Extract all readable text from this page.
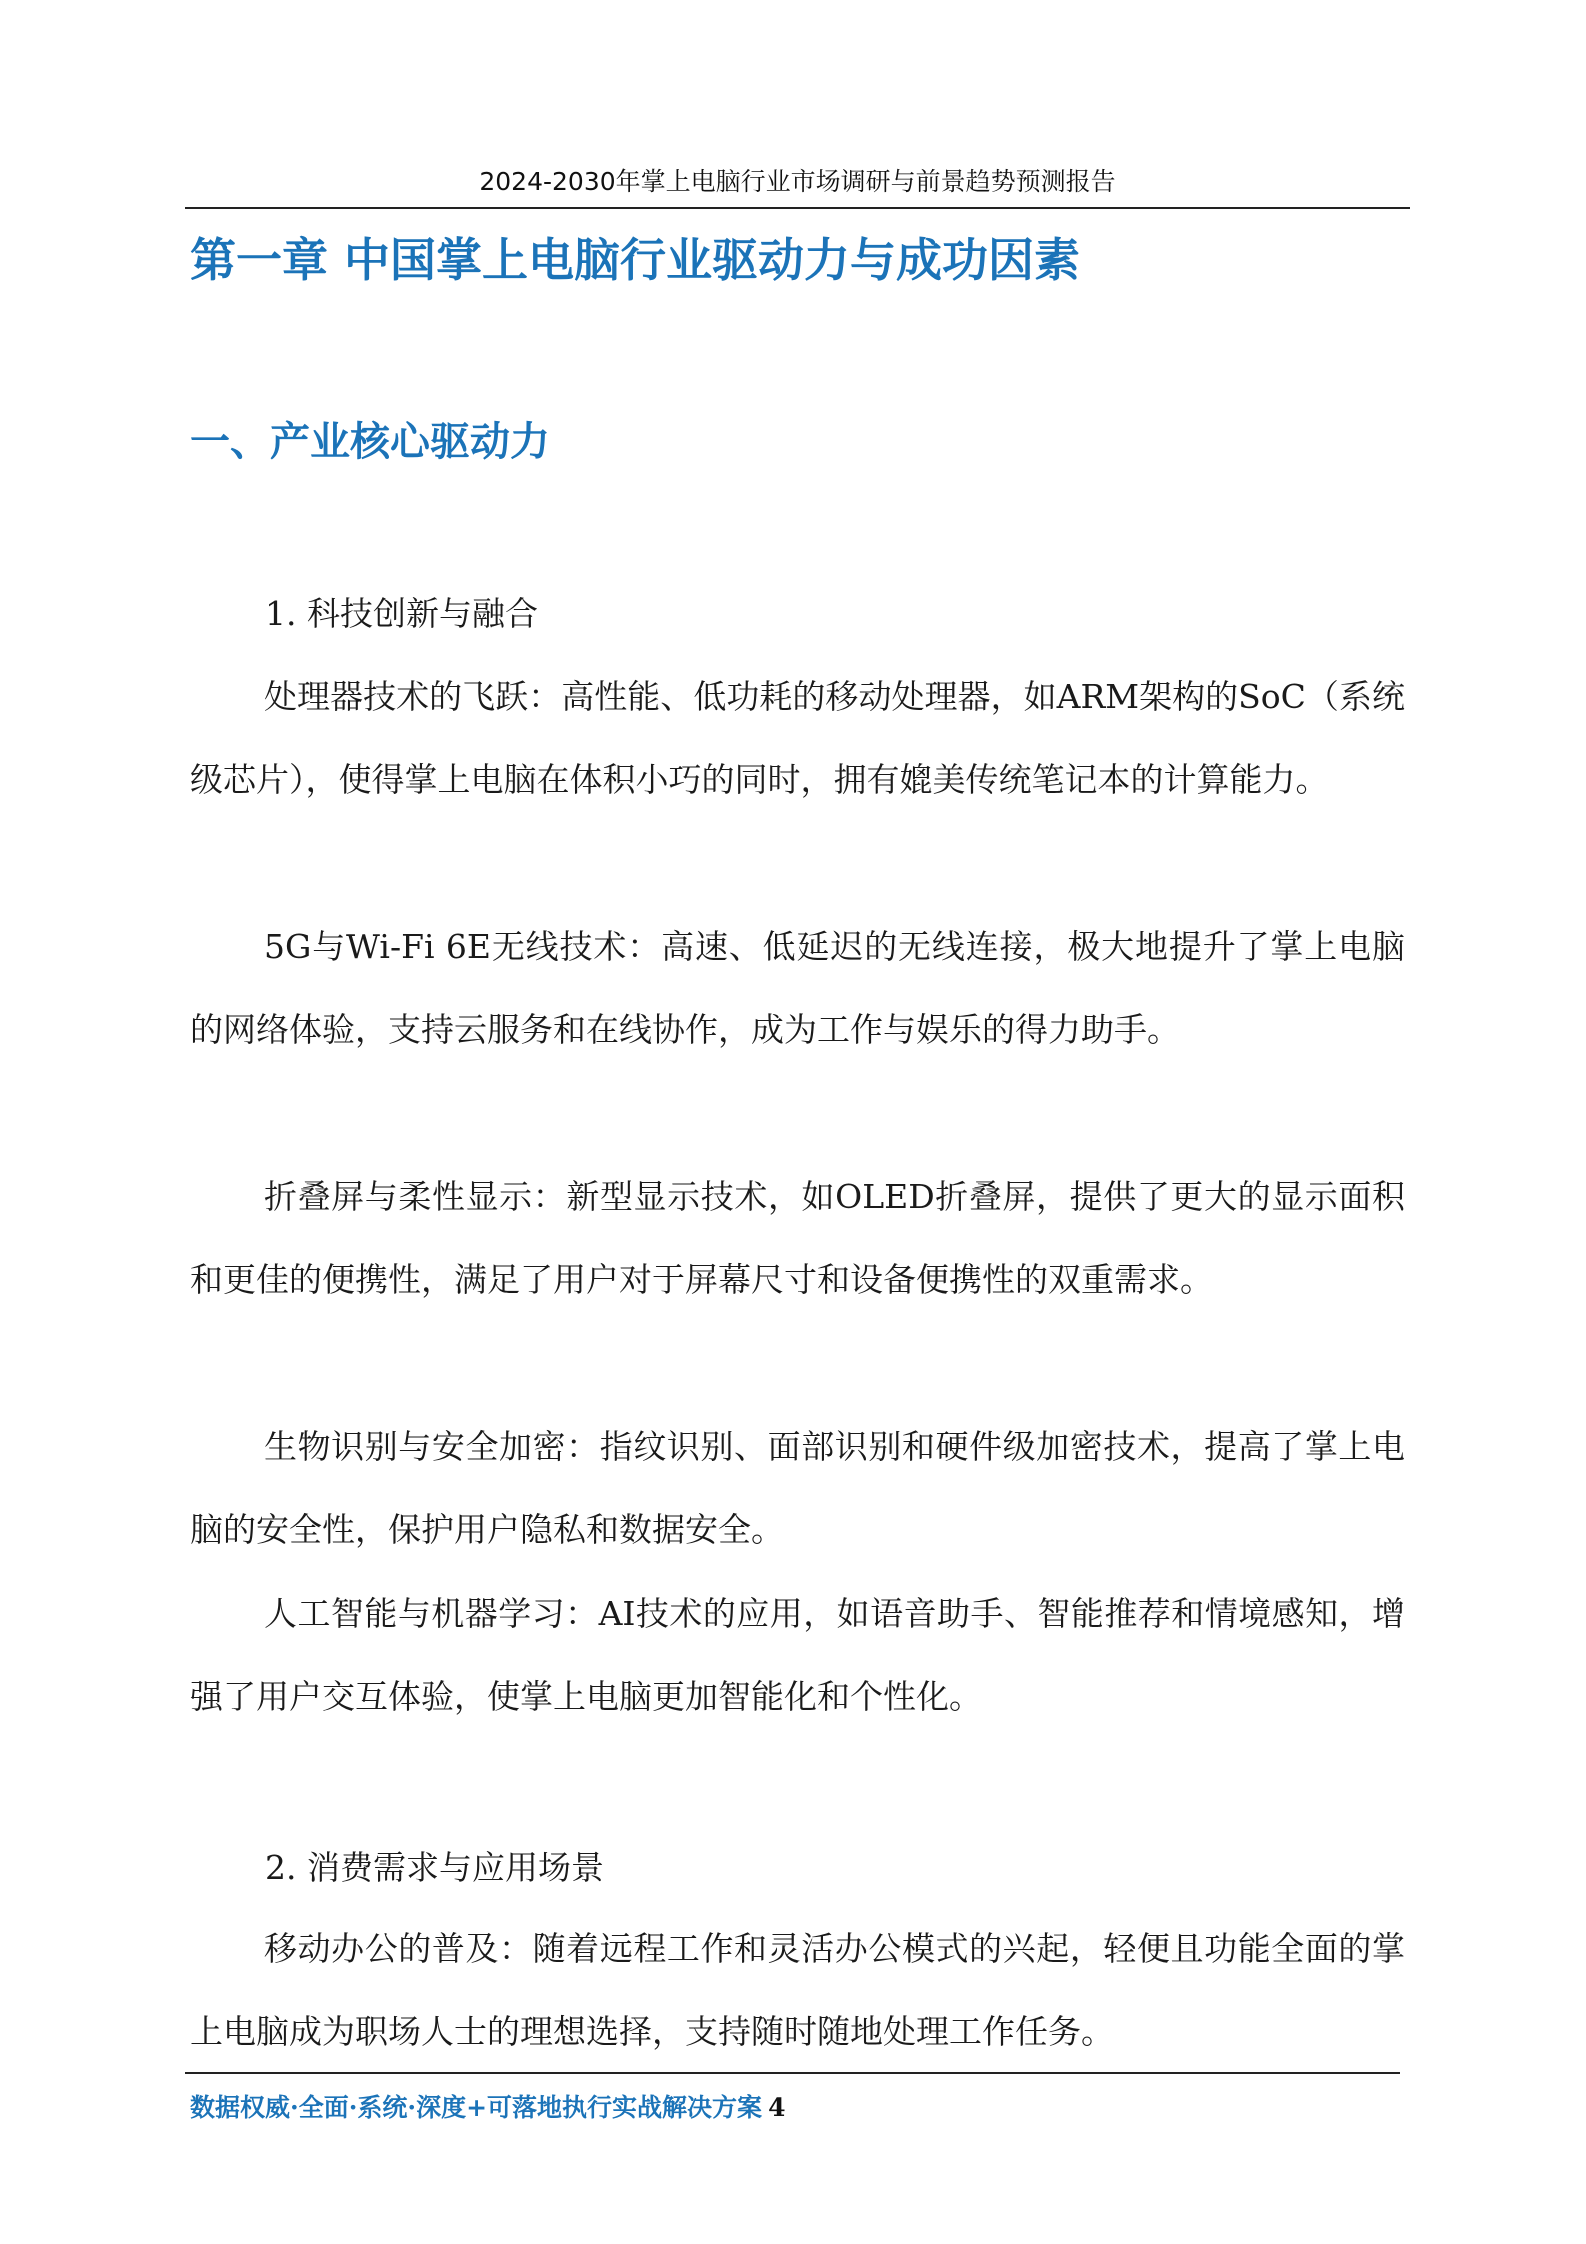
2024-2030年掌上电脑行业市场调研与前景趋势预测报告
第一章 中国掌上电脑行业驱动力与成功因素
一、产业核心驱动力
1. 科技创新与融合

处理器技术的飞跃：高性能、低功耗的移动处理器，如ARM架构的SoC（系统级芯片），使得掌上电脑在体积小巧的同时，拥有媲美传统笔记本的计算能力。

5G与Wi-Fi 6E无线技术：高速、低延迟的无线连接，极大地提升了掌上电脑的网络体验，支持云服务和在线协作，成为工作与娱乐的得力助手。

折叠屏与柔性显示：新型显示技术，如OLED折叠屏，提供了更大的显示面积和更佳的便携性，满足了用户对于屏幕尺寸和设备便携性的双重需求。

生物识别与安全加密：指纹识别、面部识别和硬件级加密技术，提高了掌上电脑的安全性，保护用户隐私和数据安全。

人工智能与机器学习：AI技术的应用，如语音助手、智能推荐和情境感知，增强了用户交互体验，使掌上电脑更加智能化和个性化。

2. 消费需求与应用场景

移动办公的普及：随着远程工作和灵活办公模式的兴起，轻便且功能全面的掌上电脑成为职场人士的理想选择，支持随时随地处理工作任务。

数据权威·全面·系统·深度+可落地执行实战解决方案 4
